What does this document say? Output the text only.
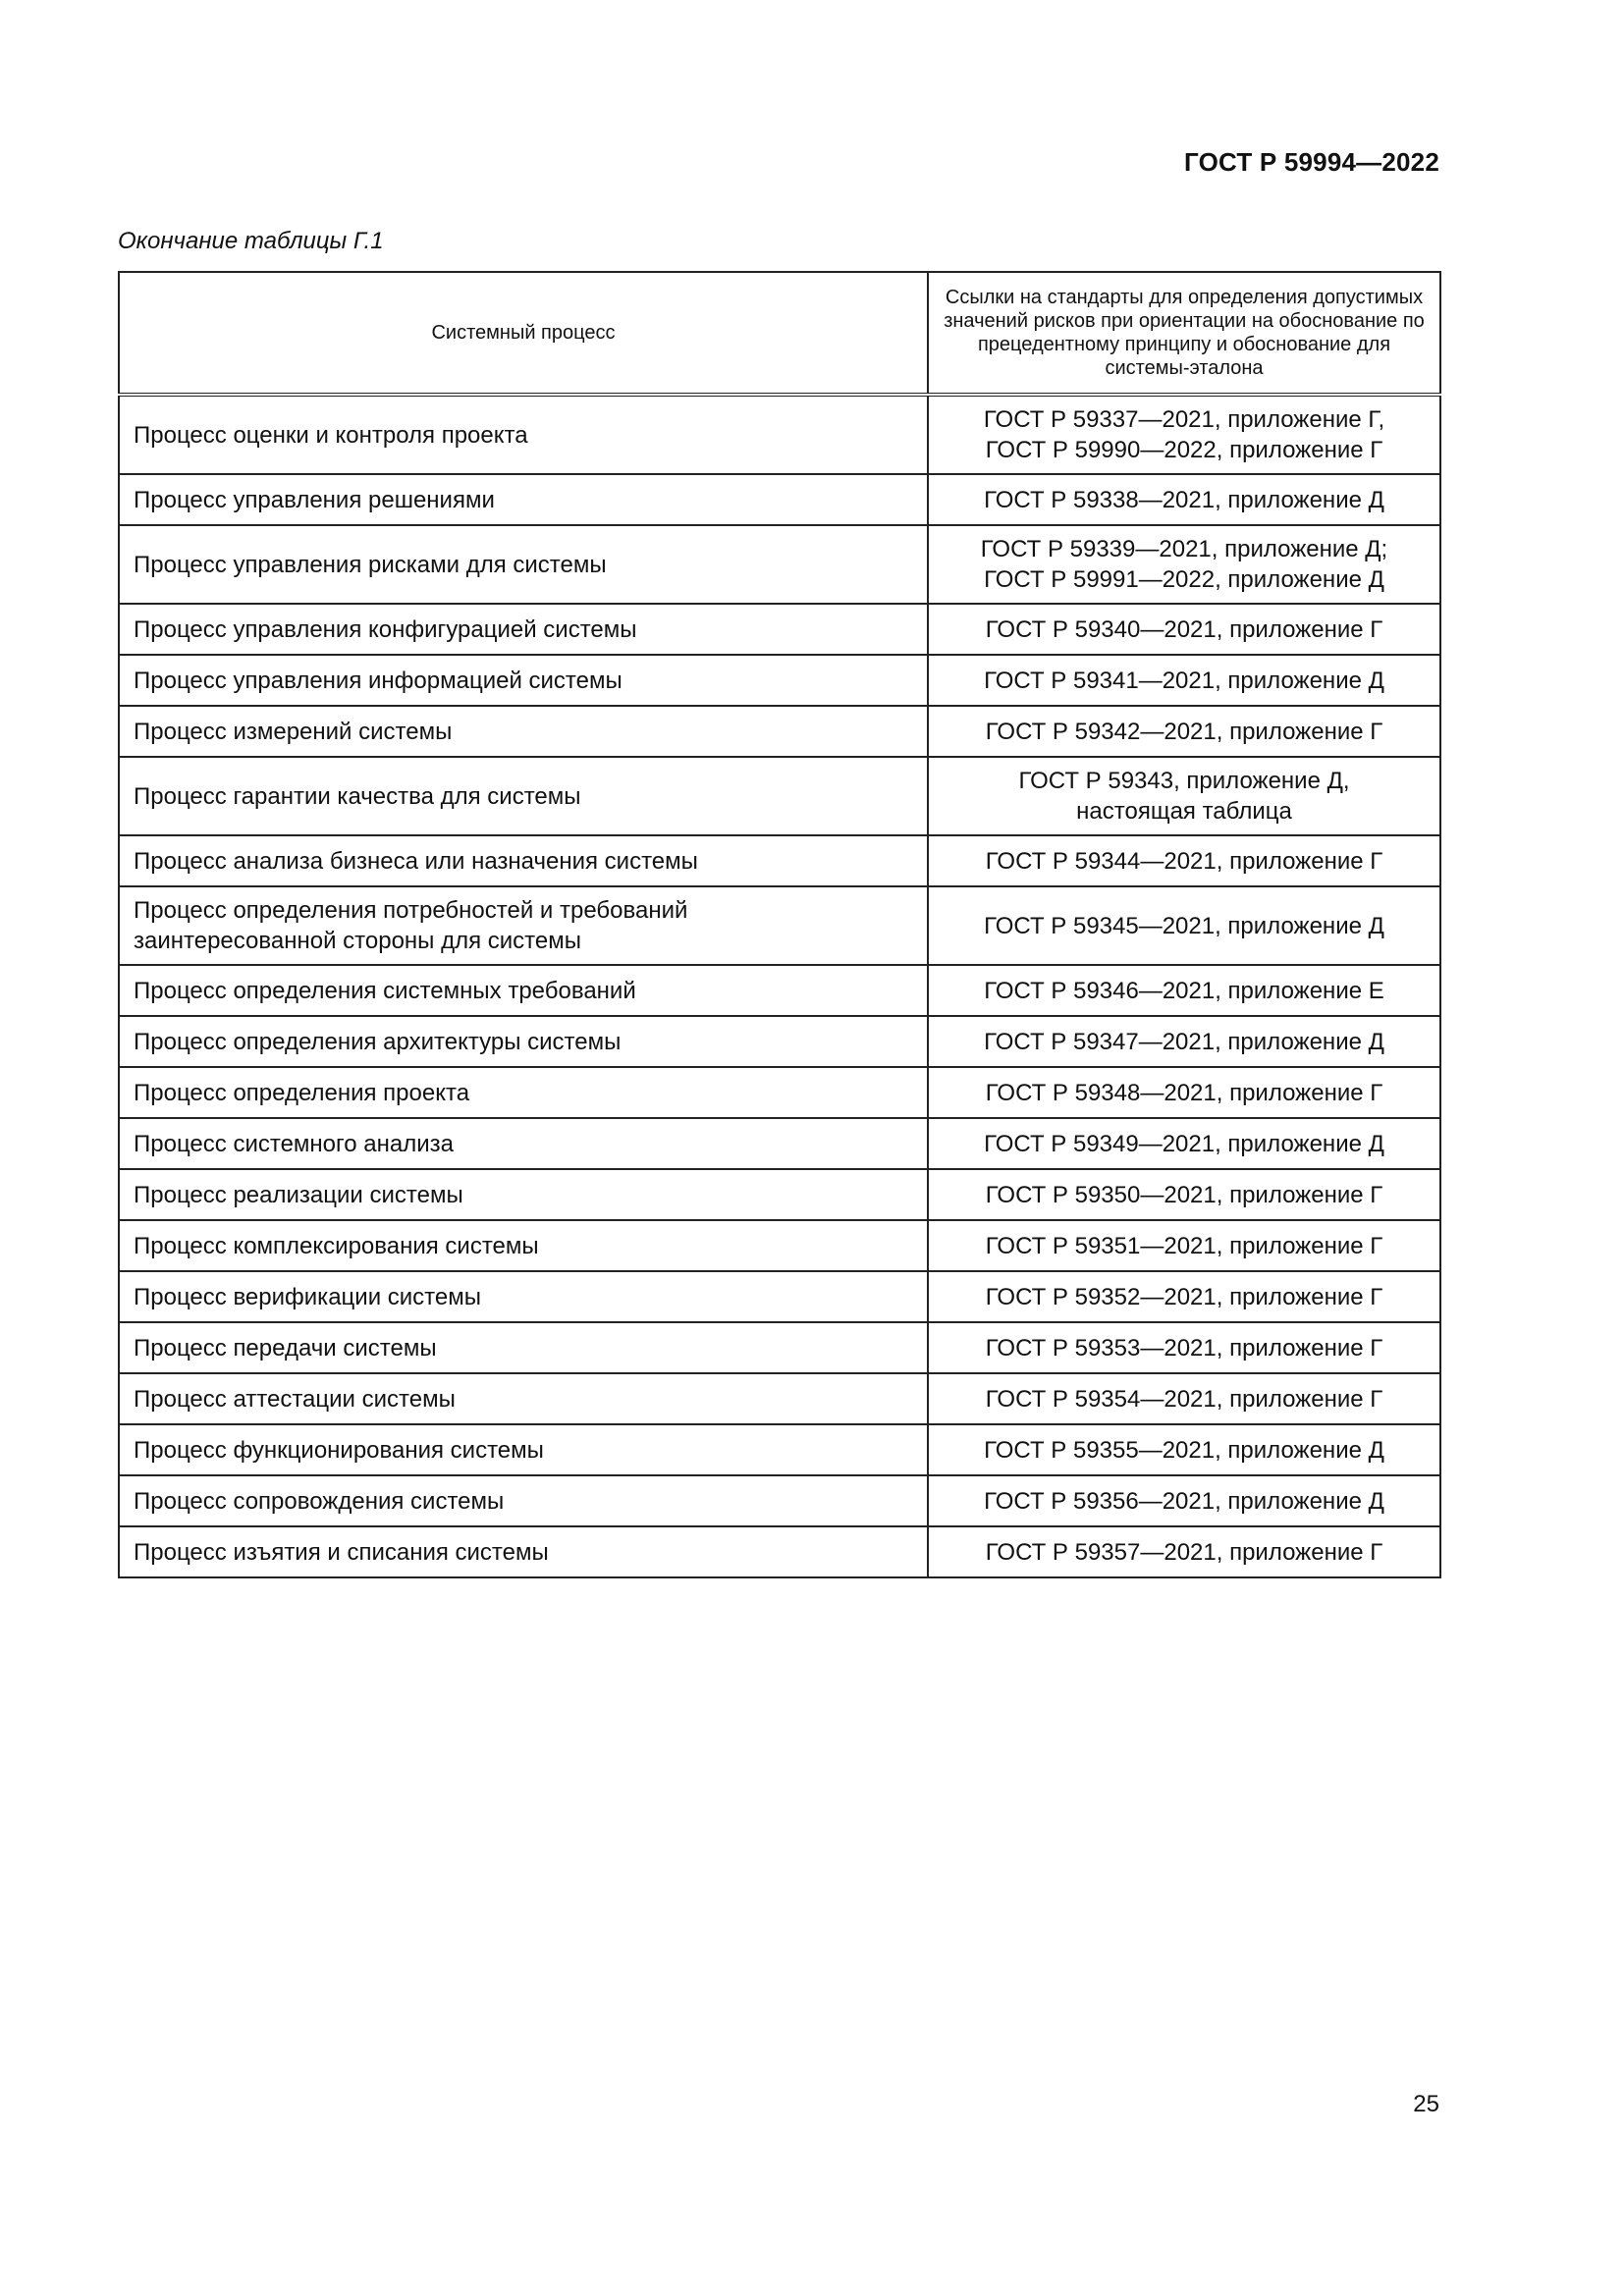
ГОСТ Р 59994—2022
Окончание таблицы Г.1
Системный процесс	Ссылки на стандарты для определения допустимых значений рисков при ориентации на обоснование по прецедентному принципу и обоснование для системы-эталона
Процесс оценки и контроля проекта	ГОСТ Р 59337—2021, приложение Г,
ГОСТ Р 59990—2022, приложение Г

Процесс управления решениями	ГОСТ Р 59338—2021, приложение Д
Процесс управления рисками для системы	ГОСТ Р 59339—2021, приложение Д;
ГОСТ Р 59991—2022, приложение Д

Процесс управления конфигурацией системы	ГОСТ Р 59340—2021, приложение Г
Процесс управления информацией системы	ГОСТ Р 59341—2021, приложение Д
Процесс измерений системы	ГОСТ Р 59342—2021, приложение Г
Процесс гарантии качества для системы	ГОСТ Р 59343, приложение Д,
настоящая таблица

Процесс анализа бизнеса или назначения системы	ГОСТ Р 59344—2021, приложение Г

Процесс определения потребностей и требований
заинтересованной стороны для системы	ГОСТ Р 59345—2021, приложение Д
Процесс определения системных требований	ГОСТ Р 59346—2021, приложение Е
Процесс определения архитектуры системы	ГОСТ Р 59347—2021, приложение Д
Процесс определения проекта	ГОСТ Р 59348—2021, приложение Г
Процесс системного анализа	ГОСТ Р 59349—2021, приложение Д
Процесс реализации системы	ГОСТ Р 59350—2021, приложение Г
Процесс комплексирования системы	ГОСТ Р 59351—2021, приложение Г
Процесс верификации системы	ГОСТ Р 59352—2021, приложение Г
Процесс передачи системы	ГОСТ Р 59353—2021, приложение Г
Процесс аттестации системы	ГОСТ Р 59354—2021, приложение Г
Процесс функционирования системы	ГОСТ Р 59355—2021, приложение Д
Процесс сопровождения системы	ГОСТ Р 59356—2021, приложение Д
Процесс изъятия и списания системы	ГОСТ Р 59357—2021, приложение Г
25
